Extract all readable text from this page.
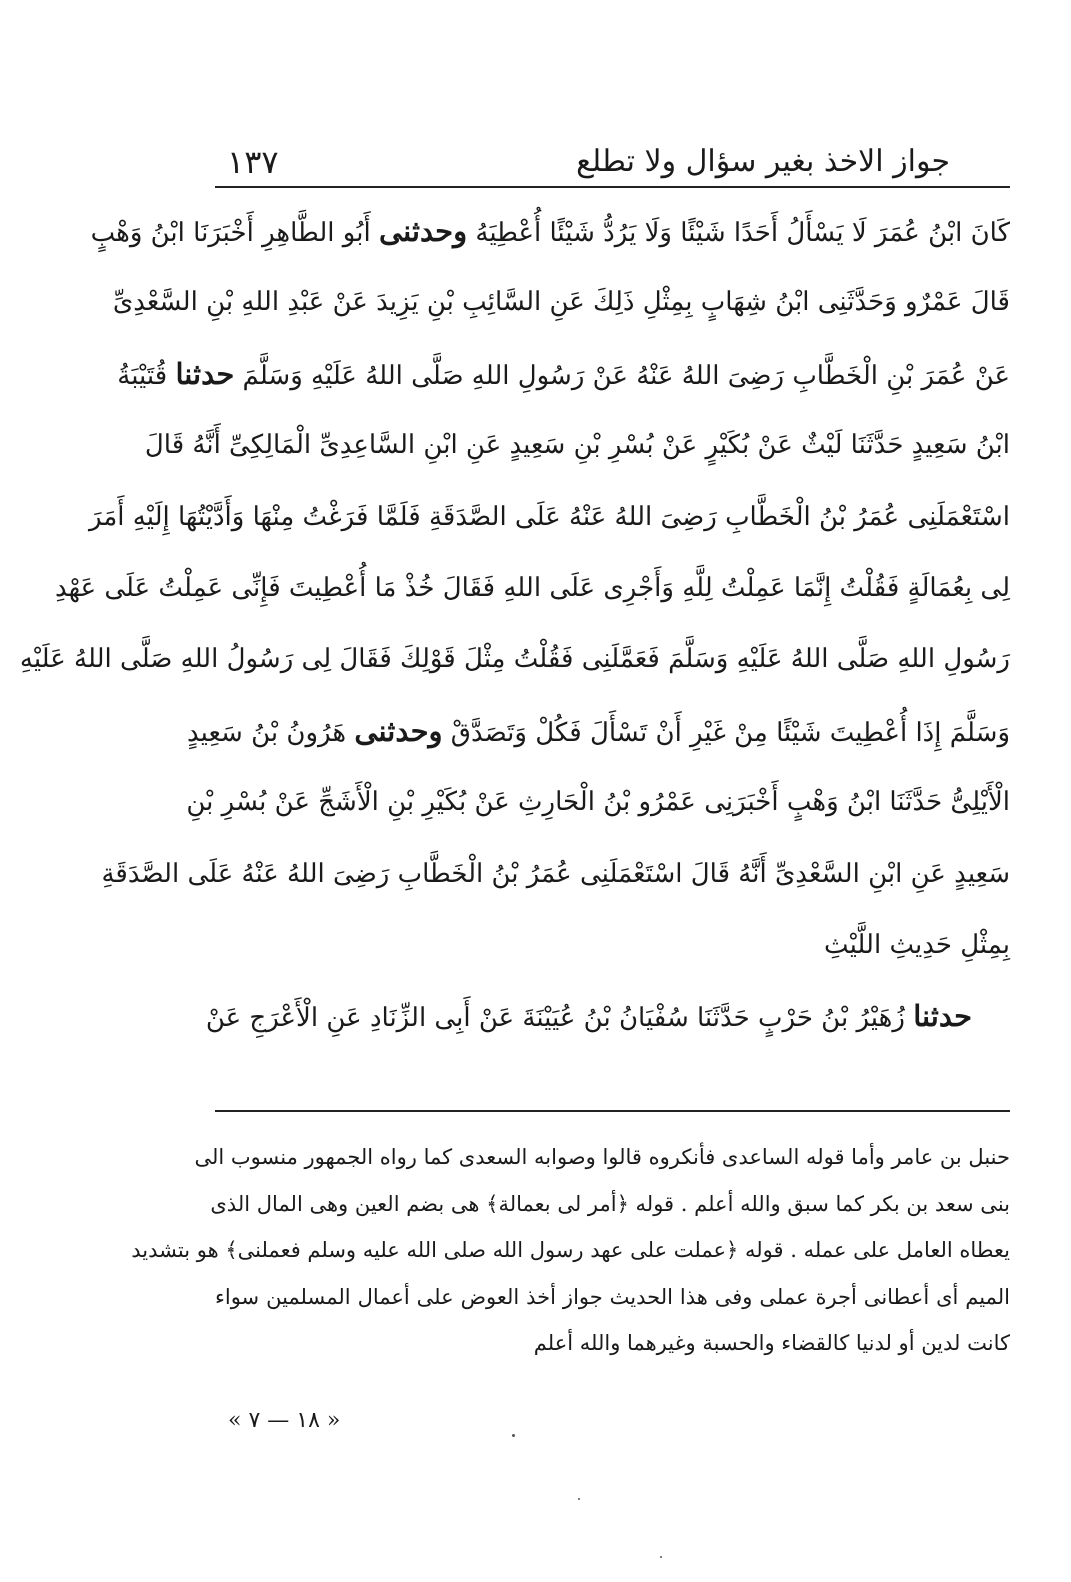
جواز الاخذ بغير سؤال ولا تطلع
١٣٧
كَانَ ابْنُ عُمَرَ لَا يَسْأَلُ أَحَدًا شَيْئًا وَلَا يَرُدُّ شَيْئًا أُعْطِيَهُ وحدثنى أَبُو الطَّاهِرِ أَخْبَرَنَا ابْنُ وَهْبٍ
قَالَ عَمْرٌو وَحَدَّثَنِى ابْنُ شِهَابٍ بِمِثْلِ ذَلِكَ عَنِ السَّائِبِ بْنِ يَزِيدَ عَنْ عَبْدِ اللهِ بْنِ السَّعْدِىِّ
عَنْ عُمَرَ بْنِ الْخَطَّابِ رَضِىَ اللهُ عَنْهُ عَنْ رَسُولِ اللهِ صَلَّى اللهُ عَلَيْهِ وَسَلَّمَ حدثنا قُتَيْبَةُ
ابْنُ سَعِيدٍ حَدَّثَنَا لَيْثٌ عَنْ بُكَيْرٍ عَنْ بُسْرِ بْنِ سَعِيدٍ عَنِ ابْنِ السَّاعِدِىِّ الْمَالِكِىِّ أَنَّهُ قَالَ
اسْتَعْمَلَنِى عُمَرُ بْنُ الْخَطَّابِ رَضِىَ اللهُ عَنْهُ عَلَى الصَّدَقَةِ فَلَمَّا فَرَغْتُ مِنْهَا وَأَدَّيْتُهَا إِلَيْهِ أَمَرَ
لِى بِعُمَالَةٍ فَقُلْتُ إِنَّمَا عَمِلْتُ لِلَّهِ وَأَجْرِى عَلَى اللهِ فَقَالَ خُذْ مَا أُعْطِيتَ فَإِنِّى عَمِلْتُ عَلَى عَهْدِ
رَسُولِ اللهِ صَلَّى اللهُ عَلَيْهِ وَسَلَّمَ فَعَمَّلَنِى فَقُلْتُ مِثْلَ قَوْلِكَ فَقَالَ لِى رَسُولُ اللهِ صَلَّى اللهُ عَلَيْهِ
وَسَلَّمَ إِذَا أُعْطِيتَ شَيْئًا مِنْ غَيْرِ أَنْ تَسْأَلَ فَكُلْ وَتَصَدَّقْ وحدثنى هَرُونُ بْنُ سَعِيدٍ
الْأَيْلِىُّ حَدَّثَنَا ابْنُ وَهْبٍ أَخْبَرَنِى عَمْرُو بْنُ الْحَارِثِ عَنْ بُكَيْرِ بْنِ الْأَشَجِّ عَنْ بُسْرِ بْنِ
سَعِيدٍ عَنِ ابْنِ السَّعْدِىِّ أَنَّهُ قَالَ اسْتَعْمَلَنِى عُمَرُ بْنُ الْخَطَّابِ رَضِىَ اللهُ عَنْهُ عَلَى الصَّدَقَةِ
بِمِثْلِ حَدِيثِ اللَّيْثِ
حدثنا زُهَيْرُ بْنُ حَرْبٍ حَدَّثَنَا سُفْيَانُ بْنُ عُيَيْنَةَ عَنْ أَبِى الزِّنَادِ عَنِ الْأَعْرَجِ عَنْ
حنبل بن عامر وأما قوله الساعدى فأنكروه قالوا وصوابه السعدى كما رواه الجمهور منسوب الى
بنى سعد بن بكر كما سبق والله أعلم . قوله ﴿أمر لى بعمالة﴾ هى بضم العين وهى المال الذى
يعطاه العامل على عمله . قوله ﴿عملت على عهد رسول الله صلى الله عليه وسلم فعملنى﴾ هو بتشديد
الميم أى أعطانى أجرة عملى وفى هذا الحديث جواز أخذ العوض على أعمال المسلمين سواء
كانت لدين أو لدنيا كالقضاء والحسبة وغيرهما والله أعلم
« ١٨ — ٧ »
